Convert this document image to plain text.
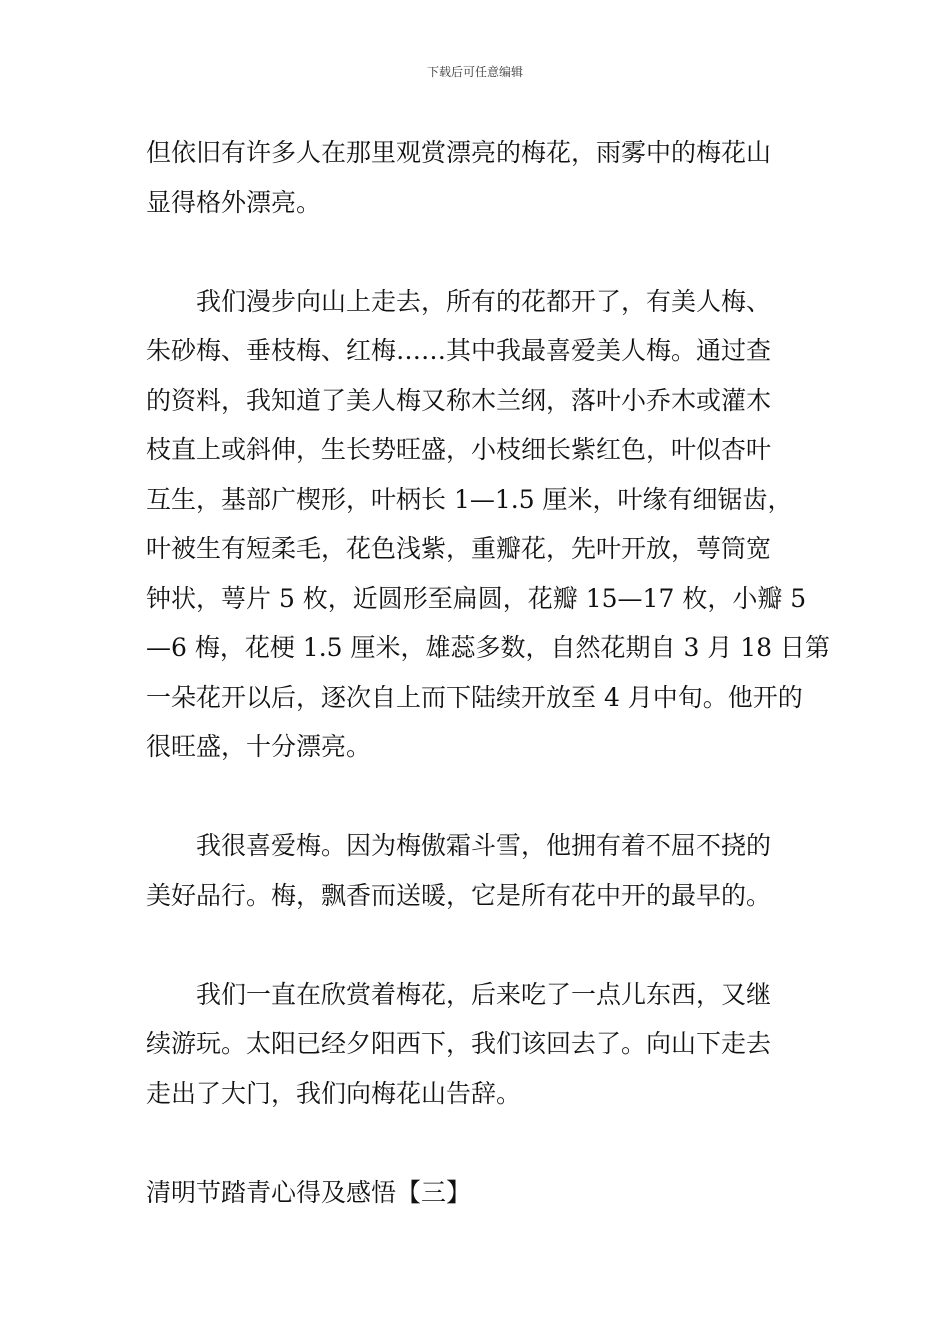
下载后可任意编辑
但依旧有许多人在那里观赏漂亮的梅花，雨雾中的梅花山
显得格外漂亮。
我们漫步向山上走去，所有的花都开了，有美人梅、
朱砂梅、垂枝梅、红梅……其中我最喜爱美人梅。通过查
的资料，我知道了美人梅又称木兰纲，落叶小乔木或灌木
枝直上或斜伸，生长势旺盛，小枝细长紫红色，叶似杏叶
互生，基部广楔形，叶柄长 1—1.5 厘米，叶缘有细锯齿，
叶被生有短柔毛，花色浅紫，重瓣花，先叶开放，萼筒宽
钟状，萼片 5 枚，近圆形至扁圆，花瓣 15—17 枚，小瓣 5
—6 梅，花梗 1.5 厘米，雄蕊多数，自然花期自 3 月 18 日第
一朵花开以后，逐次自上而下陆续开放至 4 月中旬。他开的
很旺盛，十分漂亮。
我很喜爱梅。因为梅傲霜斗雪，他拥有着不屈不挠的
美好品行。梅，飘香而送暖，它是所有花中开的最早的。
我们一直在欣赏着梅花，后来吃了一点儿东西，又继
续游玩。太阳已经夕阳西下，我们该回去了。向山下走去
走出了大门，我们向梅花山告辞。
清明节踏青心得及感悟【三】
